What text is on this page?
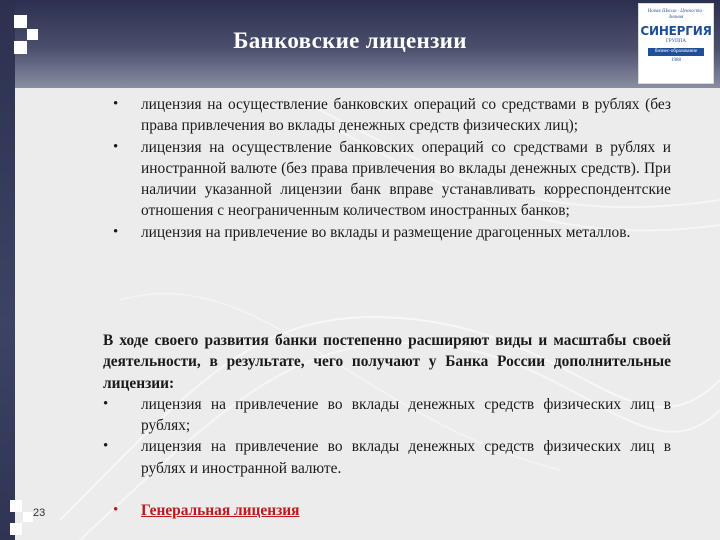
Банковские лицензии
Новая Школа · Ценности · Знания
СИНЕРГИЯ
ГРУППА
бизнес-образование
1988
• лицензия на осуществление банковских операций со средствами в рублях (без права привлечения во вклады денежных средств физических лиц);
• лицензия на осуществление банковских операций со средствами в рублях и иностранной валюте (без права привлечения во вклады денежных средств). При наличии указанной лицензии банк вправе устанавливать корреспондентские отношения с неограниченным количеством иностранных банков;
• лицензия на привлечение во вклады и размещение драгоценных металлов.

В ходе своего развития банки постепенно расширяют виды и масштабы своей деятельности, в результате, чего получают у Банка России дополнительные лицензии:

• лицензия на привлечение во вклады денежных средств физических лиц в рублях;
• лицензия на привлечение во вклады денежных средств физических лиц в рублях и иностранной валюте.
• Генеральная лицензия
23
